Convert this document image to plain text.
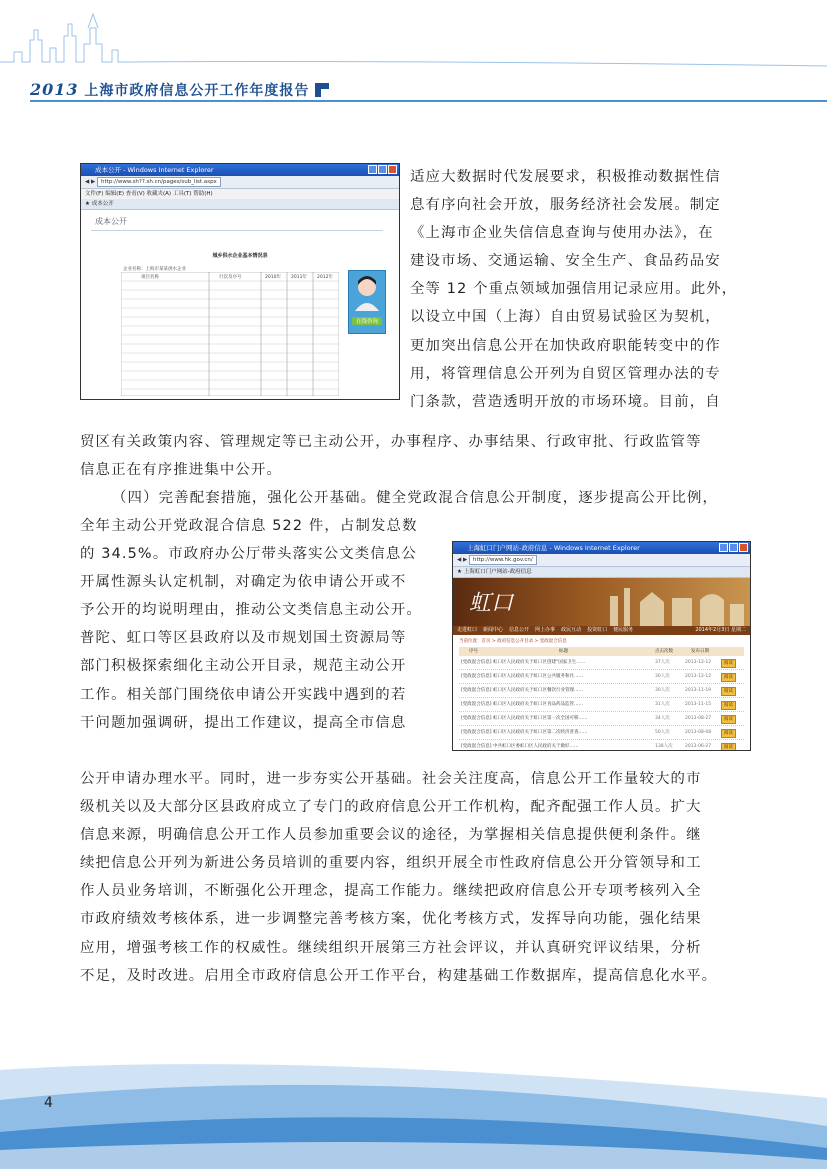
2013 上海市政府信息公开工作年度报告
成本公开 - Windows Internet Explorer
◀ ▶ http://www.sh??.sh.cn/pages/sub_list.aspx
文件(F) 编辑(E) 查看(V) 收藏夹(A) 工具(T) 帮助(H)
★ 成本公开
成本公开
城乡供水企业基本情况表
企业名称：上海市某某供水企业
项目名称	行次及序号	2010年 2011年 2012年
在线咨询
适应大数据时代发展要求，积极推动数据性信
息有序向社会开放，服务经济社会发展。制定
《上海市企业失信信息查询与使用办法》，在
建设市场、交通运输、安全生产、食品药品安
全等 12 个重点领域加强信用记录应用。此外，
以设立中国（上海）自由贸易试验区为契机，
更加突出信息公开在加快政府职能转变中的作
用，将管理信息公开列为自贸区管理办法的专
门条款，营造透明开放的市场环境。目前，自
贸区有关政策内容、管理规定等已主动公开，办事程序、办事结果、行政审批、行政监管等
信息正在有序推进集中公开。
（四）完善配套措施，强化公开基础。健全党政混合信息公开制度，逐步提高公开比例，
全年主动公开党政混合信息 522 件，占制发总数
的 34.5%。市政府办公厅带头落实公文类信息公
开属性源头认定机制，对确定为依申请公开或不
予公开的均说明理由，推动公文类信息主动公开。
普陀、虹口等区县政府以及市规划国土资源局等
部门积极探索细化主动公开目录，规范主动公开
工作。相关部门围绕依申请公开实践中遇到的若
干问题加强调研，提出工作建议，提高全市信息
上海虹口门户网站-政府信息 - Windows Internet Explorer
◀ ▶ http://www.hk.gov.cn/
★ 上海虹口门户网站-政府信息
虹口
走进虹口 新闻中心 信息公开 网上办事 政民互动 投资虹口 便民服务	2014年2月3日 星期二
当前位置：首页 > 政府信息公开目录 > 党政混合信息
序号	标题	点击次数	发布日期
[党政混合信息] 虹口区人民政府关于虹口区创建“国家卫生……	37人次	2013-12-12	阅读
[党政混合信息] 虹口区人民政府关于虹口区公共服务和社……	30人次	2013-12-12	阅读
[党政混合信息] 虹口区人民政府关于虹口区餐饮行业管理……	30人次	2013-11-19	阅读
[党政混合信息] 虹口区人民政府关于虹口区食品药品监管……	31人次	2013-11-15	阅读
[党政混合信息] 虹口区人民政府关于虹口区第一次全国可移……	34人次	2013-08-27	阅读
[党政混合信息] 虹口区人民政府关于虹口区第二次经济普查……	50人次	2013-08-08	阅读
[党政混合信息] 中共虹口区委虹口区人民政府关于做好……	138人次	2013-06-27	阅读
公开申请办理水平。同时，进一步夯实公开基础。社会关注度高，信息公开工作量较大的市
级机关以及大部分区县政府成立了专门的政府信息公开工作机构，配齐配强工作人员。扩大
信息来源，明确信息公开工作人员参加重要会议的途径，为掌握相关信息提供便利条件。继
续把信息公开列为新进公务员培训的重要内容，组织开展全市性政府信息公开分管领导和工
作人员业务培训，不断强化公开理念，提高工作能力。继续把政府信息公开专项考核列入全
市政府绩效考核体系，进一步调整完善考核方案，优化考核方式，发挥导向功能，强化结果
应用，增强考核工作的权威性。继续组织开展第三方社会评议，并认真研究评议结果，分析
不足，及时改进。启用全市政府信息公开工作平台，构建基础工作数据库，提高信息化水平。
4
